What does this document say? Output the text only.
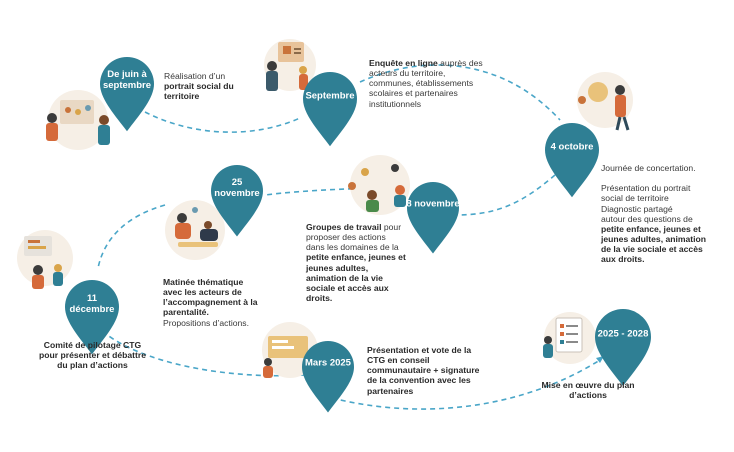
De juin à septembre
Septembre
4 octobre
8 novembre
25 novembre
11 décembre
Mars 2025
2025 - 2028
Réalisation d’un
portrait social du
territoire
Enquête en ligne auprès des
acteurs du territoire,
communes, établissements
scolaires et partenaires
institutionnels
Journée de concertation.

Présentation du portrait
social de territoire
Diagnostic partagé
autour des questions de
petite enfance, jeunes et
jeunes adultes, animation
de la vie sociale et accès
aux droits.
Groupes de travail pour
proposer des actions
dans les domaines de la
petite enfance, jeunes et
jeunes adultes,
animation de la vie
sociale et accès aux
droits.
Matinée thématique
avec les acteurs de
l’accompagnement à la
parentalité.
Propositions d’actions.
Comité de pilotage CTG
pour présenter et débattre
du plan d’actions
Présentation et vote de la
CTG en conseil
communautaire + signature
de la convention avec les
partenaires
Mise en œuvre du plan
d’actions
